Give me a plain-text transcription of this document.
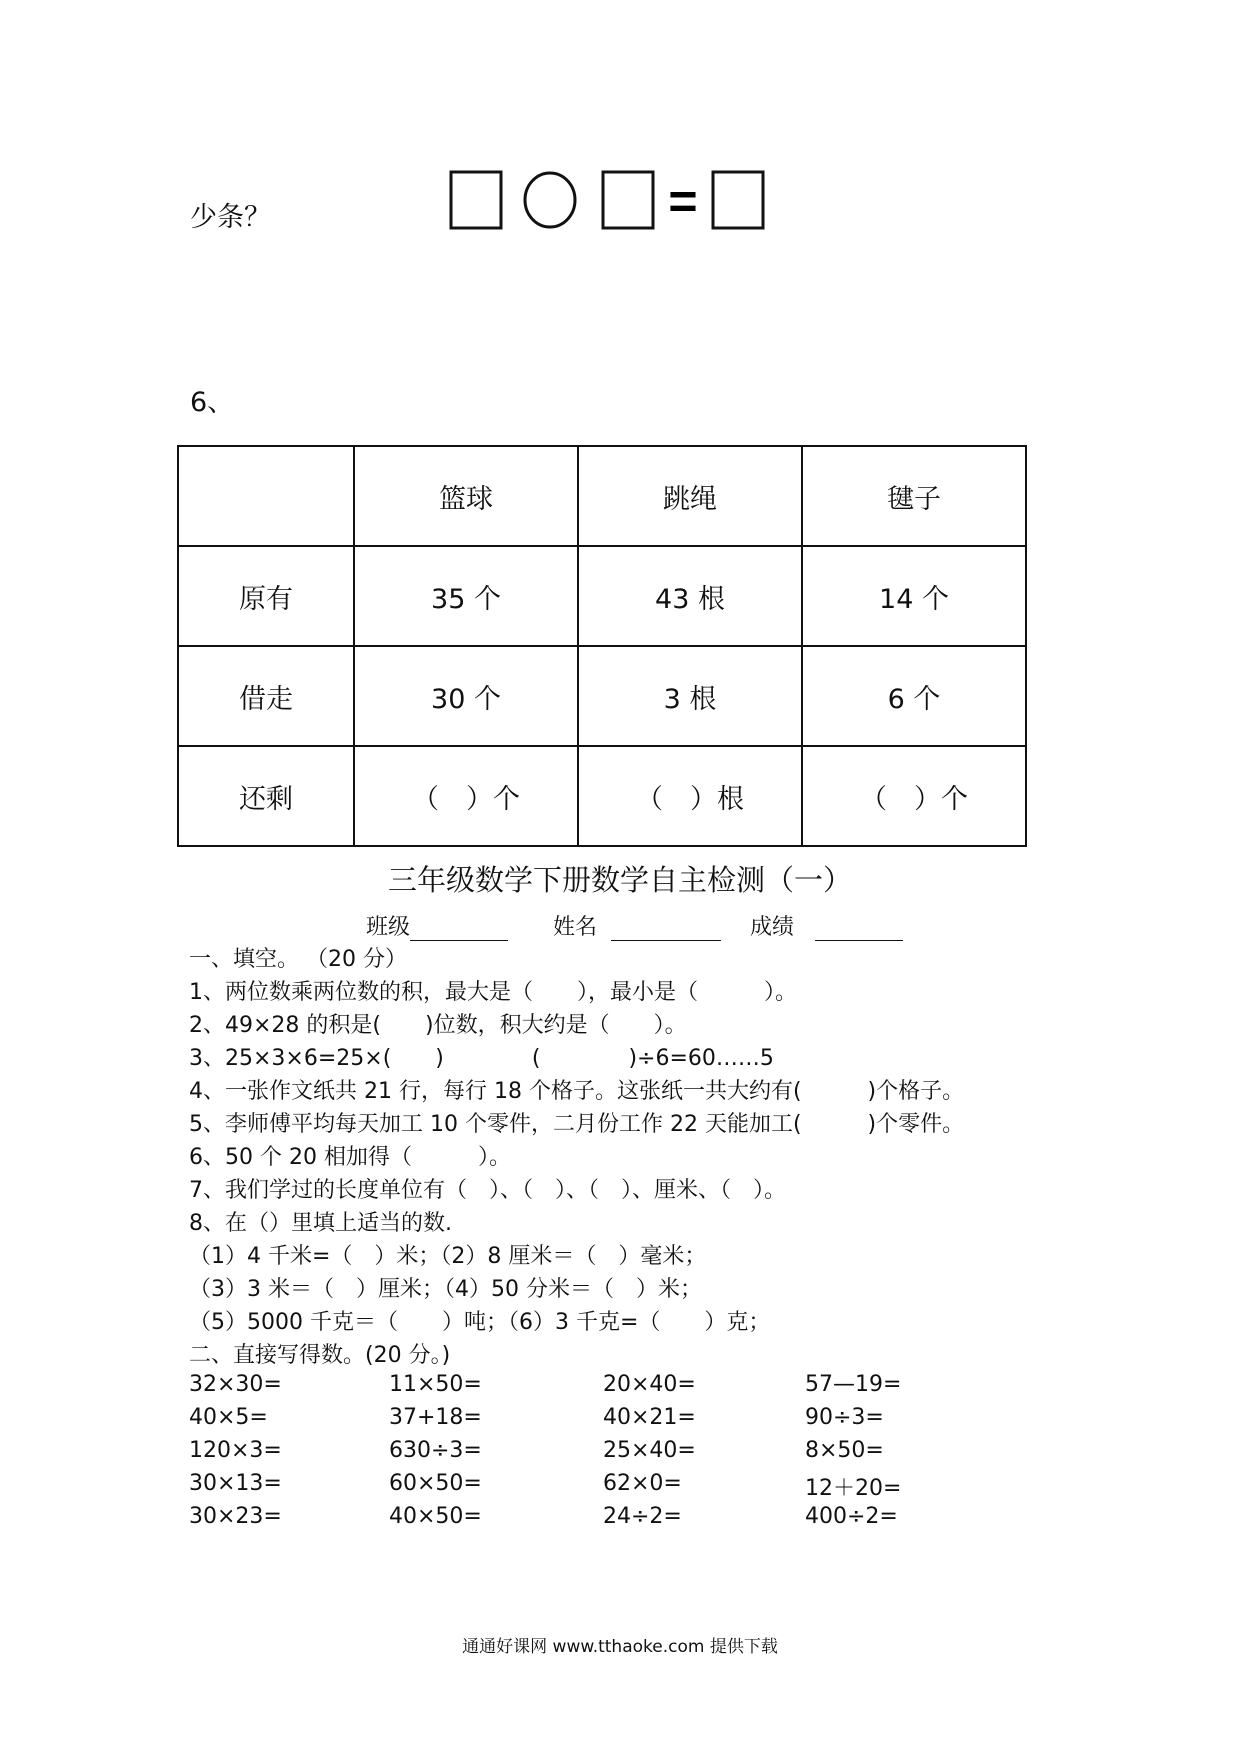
少条？	=
6、
	篮球	跳绳	毽子
原有	35 个	43 根	14 个
借走	30 个	3 根	6 个
还剩	（　）个	（　）根	（　）个
三年级数学下册数学自主检测（一）
班级	姓名	成绩
一、填空。 （20 分）
1、两位数乘两位数的积，最大是（　　），最小是（　　　）。
2、49×28 的积是(　　)位数，积大约是（　　）。
3、25×3×6=25×(　　)　　　　(　　　　)÷6=60……5
4、一张作文纸共 21 行，每行 18 个格子。这张纸一共大约有(　　　)个格子。
5、李师傅平均每天加工 10 个零件，二月份工作 22 天能加工(　　　)个零件。
6、50 个 20 相加得（　　　）。
7、我们学过的长度单位有（　）、（　）、（　）、厘米、（　）。
8、在（）里填上适当的数.
（1）4 千米=（　）米；（2）8 厘米＝（　）毫米；
（3）3 米＝（　）厘米；（4）50 分米＝（　）米；
（5）5000 千克＝（　　）吨；（6）3 千克=（　　）克；
二、直接写得数。(20 分。)
32×30=	11×50=	20×40=	57—19=
40×5=	37+18=	40×21=	90÷3=
120×3=	630÷3=	25×40=	8×50=
30×13=	60×50=	62×0=	12＋20=
30×23=	40×50=	24÷2=	400÷2=
通通好课网 www.tthaoke.com 提供下载
